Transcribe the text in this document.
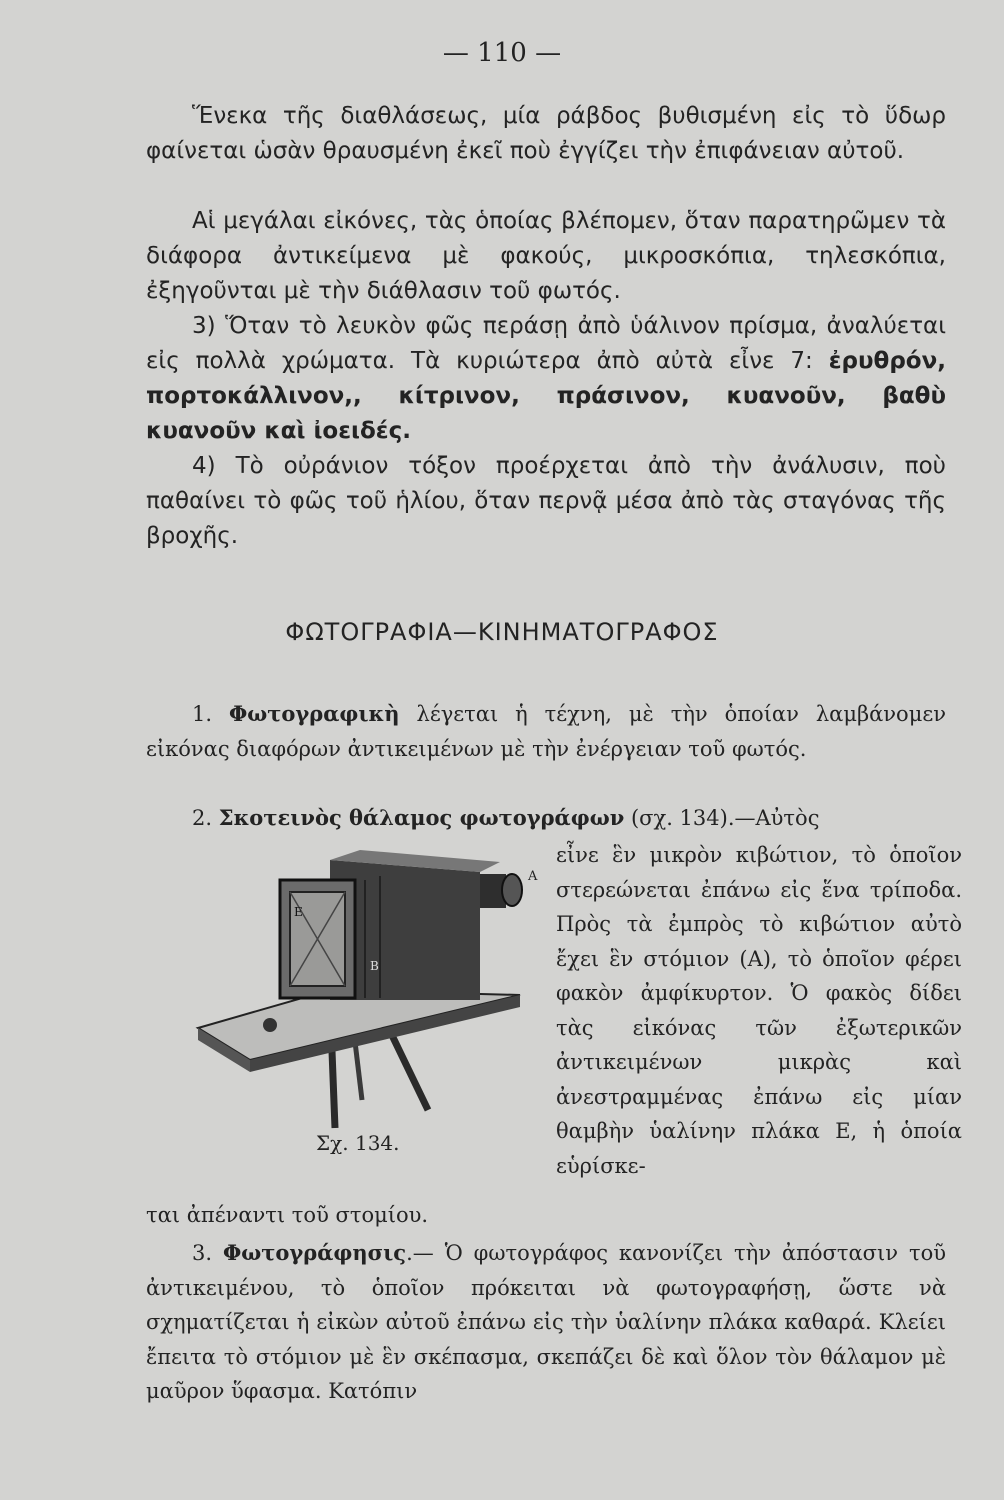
— 110 —

Ἕνεκα τῆς διαθλάσεως, μία ράβδος βυθισμένη εἰς τὸ ὕδωρ φαίνεται ὡσὰν θραυσμένη ἐκεῖ ποὺ ἐγγίζει τὴν ἐπιφάνειαν αὐτοῦ.

Αἱ μεγάλαι εἰκόνες, τὰς ὁποίας βλέπομεν, ὅταν παρατηρῶμεν τὰ διάφορα ἀντικείμενα μὲ φακούς, μικροσκόπια, τηλεσκόπια, ἐξηγοῦνται μὲ τὴν διάθλασιν τοῦ φωτός.

3) Ὅταν τὸ λευκὸν φῶς περάσῃ ἀπὸ ὑάλινον πρίσμα, ἀναλύεται εἰς πολλὰ χρώματα. Τὰ κυριώτερα ἀπὸ αὐτὰ εἶνε 7: ἐρυθρόν, πορτοκάλλινον,, κίτρινον, πράσινον, κυανοῦν, βαθὺ κυανοῦν καὶ ἰοειδές.

4) Τὸ οὐράνιον τόξον προέρχεται ἀπὸ τὴν ἀνάλυσιν, ποὺ παθαίνει τὸ φῶς τοῦ ἡλίου, ὅταν περνᾷ μέσα ἀπὸ τὰς σταγόνας τῆς βροχῆς.

ΦΩΤΟΓΡΑΦΙΑ—ΚΙΝΗΜΑΤΟΓΡΑΦΟΣ

1. Φωτογραφικὴ λέγεται ἡ τέχνη, μὲ τὴν ὁποίαν λαμβάνομεν εἰκόνας διαφόρων ἀντικειμένων μὲ τὴν ἐνέργειαν τοῦ φωτός.

2. Σκοτεινὸς θάλαμος φωτογράφων (σχ. 134).—Αὐτὸς

A
E
B
Σχ. 134.

εἶνε ἓν μικρὸν κιβώτιον, τὸ ὁποῖον στερεώνεται ἐπάνω εἰς ἕνα τρίποδα. Πρὸς τὰ ἐμπρὸς τὸ κιβώτιον αὐτὸ ἔχει ἓν στόμιον (Α), τὸ ὁποῖον φέρει φακὸν ἀμφίκυρτον. Ὁ φακὸς δίδει τὰς εἰκόνας τῶν ἐξωτερικῶν ἀντικειμένων μικρὰς καὶ ἀνεστραμμένας ἐπάνω εἰς μίαν θαμβὴν ὑαλίνην πλάκα Ε, ἡ ὁποία εὑρίσκε-

ται ἀπέναντι τοῦ στομίου.

3. Φωτογράφησις.— Ὁ φωτογράφος κανονίζει τὴν ἀπόστασιν τοῦ ἀντικειμένου, τὸ ὁποῖον πρόκειται νὰ φωτογραφήσῃ, ὥστε νὰ σχηματίζεται ἡ εἰκὼν αὐτοῦ ἐπάνω εἰς τὴν ὑαλίνην πλάκα καθαρά. Κλείει ἔπειτα τὸ στόμιον μὲ ἓν σκέπασμα, σκεπάζει δὲ καὶ ὅλον τὸν θάλαμον μὲ μαῦρον ὕφασμα. Κατόπιν
